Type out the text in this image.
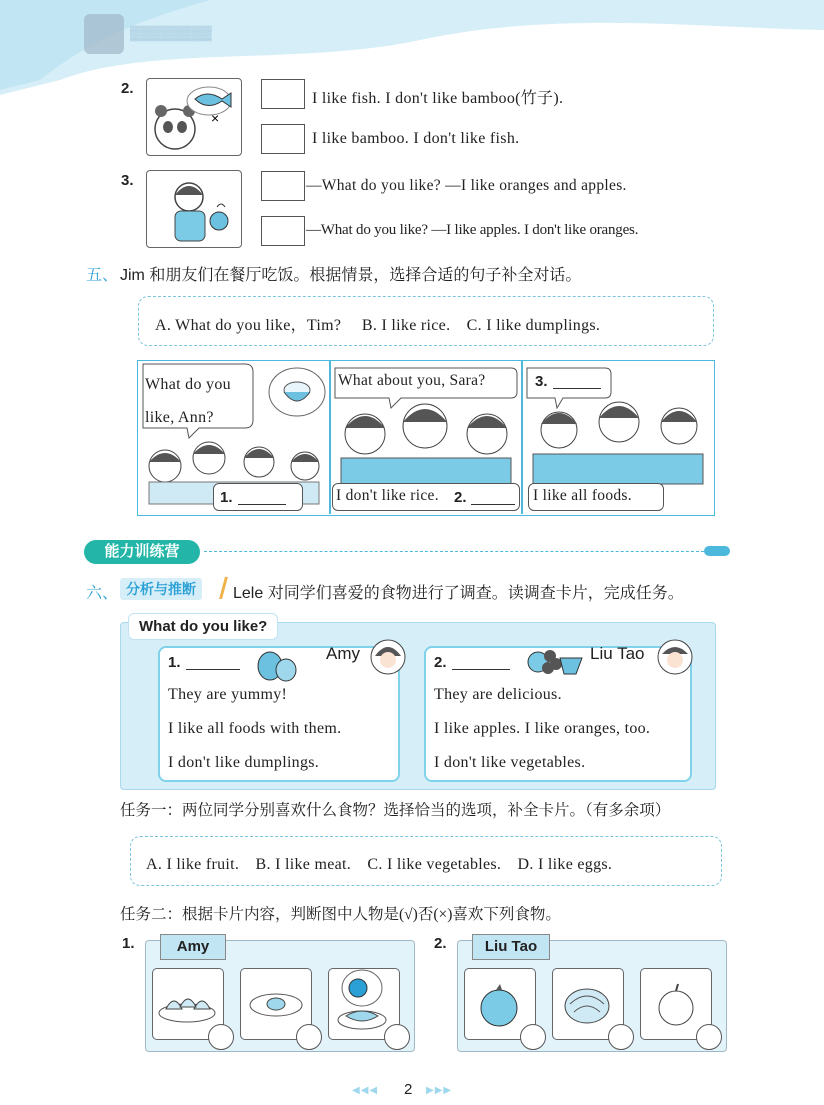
▓▓▓▓▓▓▓▓
2.
×
I like fish. I don't like bamboo(竹子).
I like bamboo. I don't like fish.
3.	—What do you like? —I like oranges and apples.
—What do you like? —I like apples. I don't like oranges.
五、 Jim 和朋友们在餐厅吃饭。根据情景，选择合适的句子补全对话。
A. What do you like，Tim?　 B. I like rice.　C. I like dumplings.
What do you like, Ann?
1.
What about you, Sara?
I don't like rice. 2.
3.
I like all foods.
能力训练营
六、 分析与推断	Lele 对同学们喜爱的食物进行了调查。读调查卡片，完成任务。
What do you like?
1.	Amy
They are yummy!
I like all foods with them.
I don't like dumplings.
2.	Liu Tao
They are delicious.
I like apples. I like oranges, too.
I don't like vegetables.
任务一：两位同学分别喜欢什么食物？选择恰当的选项，补全卡片。（有多余项）
A. I like fruit.　B. I like meat.　C. I like vegetables.　D. I like eggs.
任务二：根据卡片内容，判断图中人物是(√)否(×)喜欢下列食物。
1.	Amy	2.	Liu Tao
◀◀◀ 2 ▶▶▶
